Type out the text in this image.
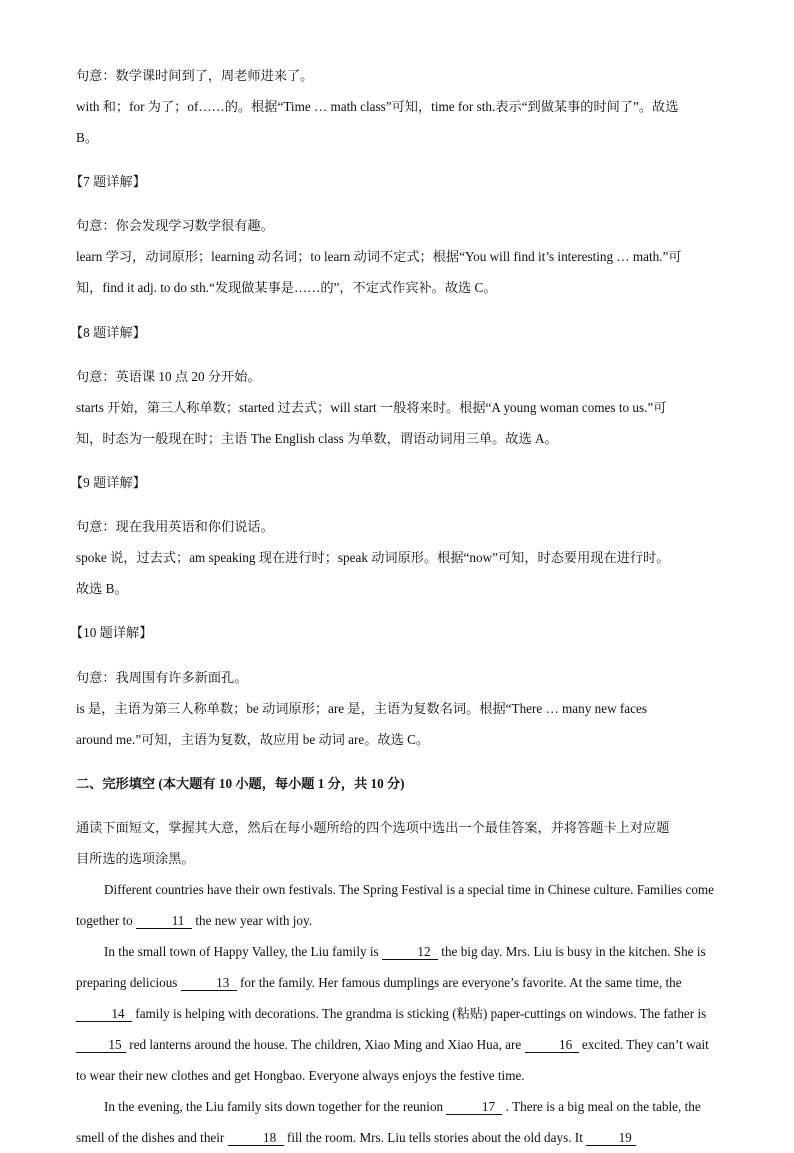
句意：数学课时间到了，周老师进来了。

with 和；for 为了；of……的。根据“Time … math class”可知，time for sth.表示“到做某事的时间了”。故选

B。

【7 题详解】

句意：你会发现学习数学很有趣。

learn 学习，动词原形；learning 动名词；to learn 动词不定式；根据“You will find it’s interesting … math.”可

知，find it adj. to do sth.“发现做某事是……的”，不定式作宾补。故选 C。

【8 题详解】

句意：英语课 10 点 20 分开始。

starts 开始，第三人称单数；started 过去式；will start 一般将来时。根据“A young woman comes to us.”可

知，时态为一般现在时；主语 The English class 为单数，谓语动词用三单。故选 A。

【9 题详解】

句意：现在我用英语和你们说话。

spoke 说，过去式；am speaking 现在进行时；speak 动词原形。根据“now”可知，时态要用现在进行时。

故选 B。

【10 题详解】

句意：我周围有许多新面孔。

is 是，主语为第三人称单数；be 动词原形；are 是，主语为复数名词。根据“There … many new faces

around me.”可知，主语为复数，故应用 be 动词 are。故选 C。

二、完形填空 (本大题有 10 小题，每小题 1 分，共 10 分)

通读下面短文，掌握其大意，然后在每小题所给的四个选项中选出一个最佳答案，并将答题卡上对应题

目所选的选项涂黑。

Different countries have their own festivals. The Spring Festival is a special time in Chinese culture. Families come together to	11 the new year with joy.

In the small town of Happy Valley, the Liu family is	12 the big day. Mrs. Liu is busy in the kitchen. She is preparing delicious	13 for the family. Her famous dumplings are everyone’s favorite. At the same time, the 14 family is helping with decorations. The grandma is sticking (粘贴) paper-cuttings on windows. The father is 15 red lanterns around the house. The children, Xiao Ming and Xiao Hua, are	16 excited. They can’t wait to wear their new clothes and get Hongbao. Everyone always enjoys the festive time.

In the evening, the Liu family sits down together for the reunion	17 . There is a big meal on the table, the smell of the dishes and their	18 fill the room. Mrs. Liu tells stories about the old days. It 19
